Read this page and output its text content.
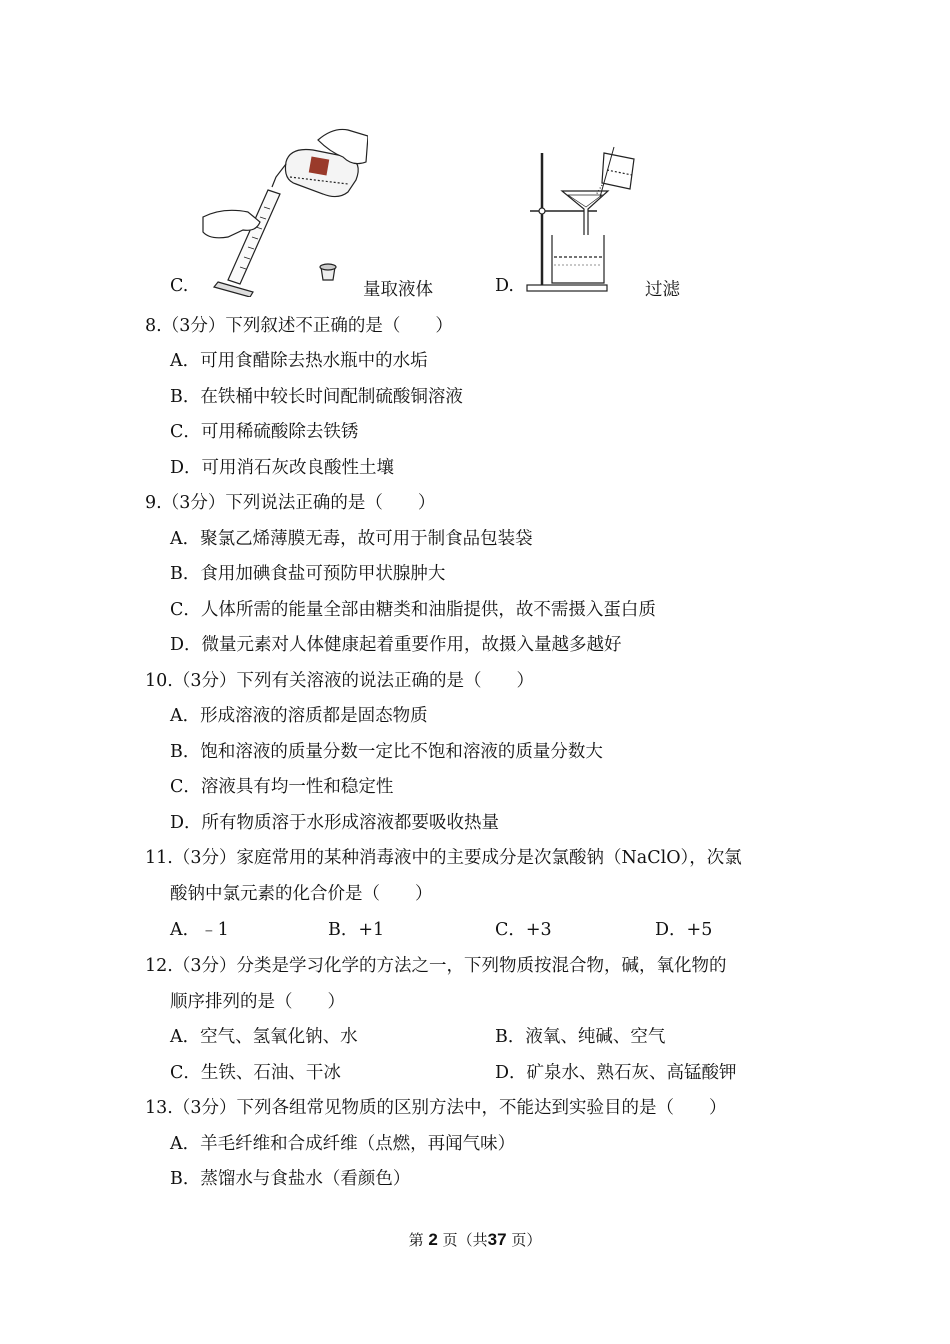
C.	量取液体	D.	过滤
8.（3分）下列叙述不正确的是（　　）
A．可用食醋除去热水瓶中的水垢
B．在铁桶中较长时间配制硫酸铜溶液
C．可用稀硫酸除去铁锈
D．可用消石灰改良酸性土壤
9.（3分）下列说法正确的是（　　）
A．聚氯乙烯薄膜无毒，故可用于制食品包装袋
B．食用加碘食盐可预防甲状腺肿大
C．人体所需的能量全部由糖类和油脂提供，故不需摄入蛋白质
D．微量元素对人体健康起着重要作用，故摄入量越多越好
10.（3分）下列有关溶液的说法正确的是（　　）
A．形成溶液的溶质都是固态物质
B．饱和溶液的质量分数一定比不饱和溶液的质量分数大
C．溶液具有均一性和稳定性
D．所有物质溶于水形成溶液都要吸收热量
11.（3分）家庭常用的某种消毒液中的主要成分是次氯酸钠（NaClO），次氯
酸钠中氯元素的化合价是（　　）
A．﹣1	B．+1	C．+3	D．+5
12.（3分）分类是学习化学的方法之一，下列物质按混合物，碱，氧化物的
顺序排列的是（　　）
A．空气、氢氧化钠、水	B．液氧、纯碱、空气
C．生铁、石油、干冰	D．矿泉水、熟石灰、高锰酸钾
13.（3分）下列各组常见物质的区别方法中，不能达到实验目的是（　　）
A．羊毛纤维和合成纤维（点燃，再闻气味）
B．蒸馏水与食盐水（看颜色）
第 2 页（共37 页）
